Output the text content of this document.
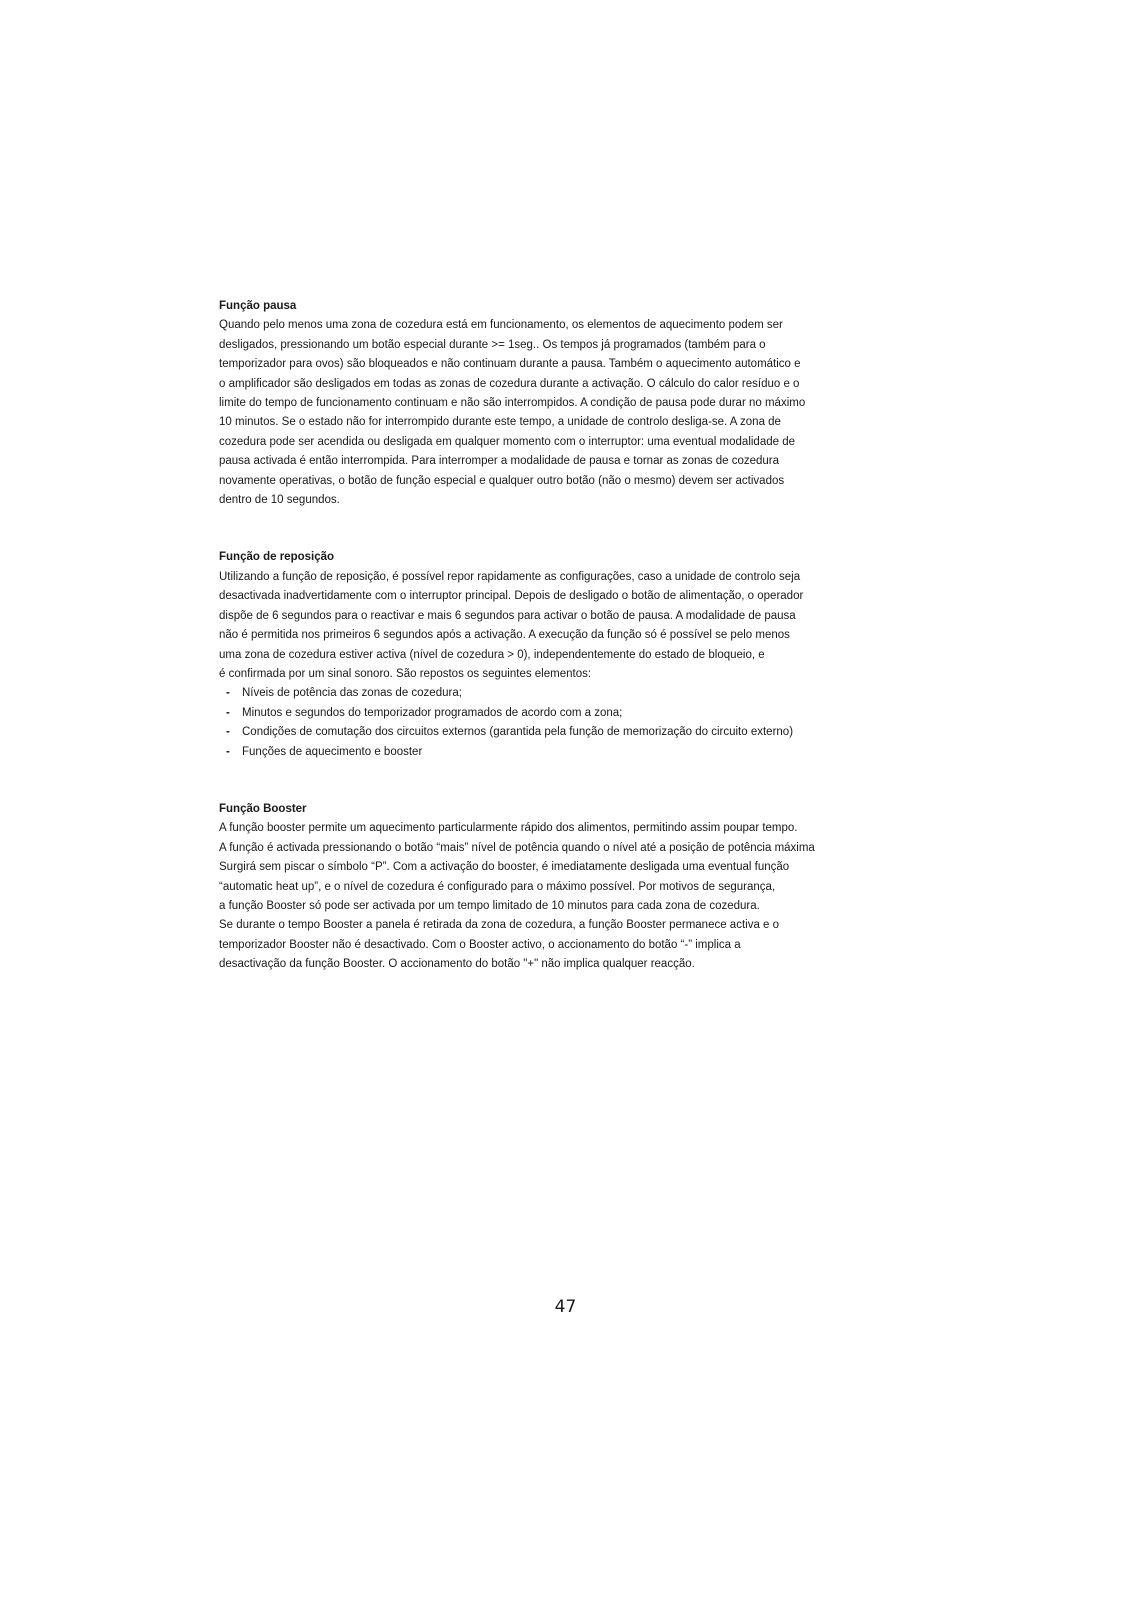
Função pausa

Quando pelo menos uma zona de cozedura está em funcionamento, os elementos de aquecimento podem ser

desligados, pressionando um botão especial durante >= 1seg.. Os tempos já programados (também para o

temporizador para ovos) são bloqueados e não continuam durante a pausa. Também o aquecimento automático e

o amplificador são desligados em todas as zonas de cozedura durante a activação. O cálculo do calor resíduo e o

limite do tempo de funcionamento continuam e não são interrompidos. A condição de pausa pode durar no máximo

10 minutos. Se o estado não for interrompido durante este tempo, a unidade de controlo desliga-se. A zona de

cozedura pode ser acendida ou desligada em qualquer momento com o interruptor: uma eventual modalidade de

pausa activada é então interrompida. Para interromper a modalidade de pausa e tornar as zonas de cozedura

novamente operativas, o botão de função especial e qualquer outro botão (não o mesmo) devem ser activados

dentro de 10 segundos.

Função de reposição

Utilizando a função de reposição, é possível repor rapidamente as configurações, caso a unidade de controlo seja

desactivada inadvertidamente com o interruptor principal. Depois de desligado o botão de alimentação, o operador

dispõe de 6 segundos para o reactivar e mais 6 segundos para activar o botão de pausa. A modalidade de pausa

não é permitida nos primeiros 6 segundos após a activação. A execução da função só é possível se pelo menos

uma zona de cozedura estiver activa (nível de cozedura > 0), independentemente do estado de bloqueio, e

é confirmada por um sinal sonoro. São repostos os seguintes elementos:

- Níveis de potência das zonas de cozedura;
- Minutos e segundos do temporizador programados de acordo com a zona;
- Condições de comutação dos circuitos externos (garantida pela função de memorização do circuito externo)
- Funções de aquecimento e booster

Função Booster

A função booster permite um aquecimento particularmente rápido dos alimentos, permitindo assim poupar tempo.

A função é activada pressionando o botão “mais” nível de potência quando o nível até a posição de potência máxima

Surgirá sem piscar o símbolo “P”. Com a activação do booster, é imediatamente desligada uma eventual função

“automatic heat up”, e o nível de cozedura é configurado para o máximo possível. Por motivos de segurança,

a função Booster só pode ser activada por um tempo limitado de 10 minutos para cada zona de cozedura.

Se durante o tempo Booster a panela é retirada da zona de cozedura, a função Booster permanece activa e o

temporizador Booster não é desactivado. Com o Booster activo, o accionamento do botão “-” implica a

desactivação da função Booster. O accionamento do botão "+" não implica qualquer reacção.

47
